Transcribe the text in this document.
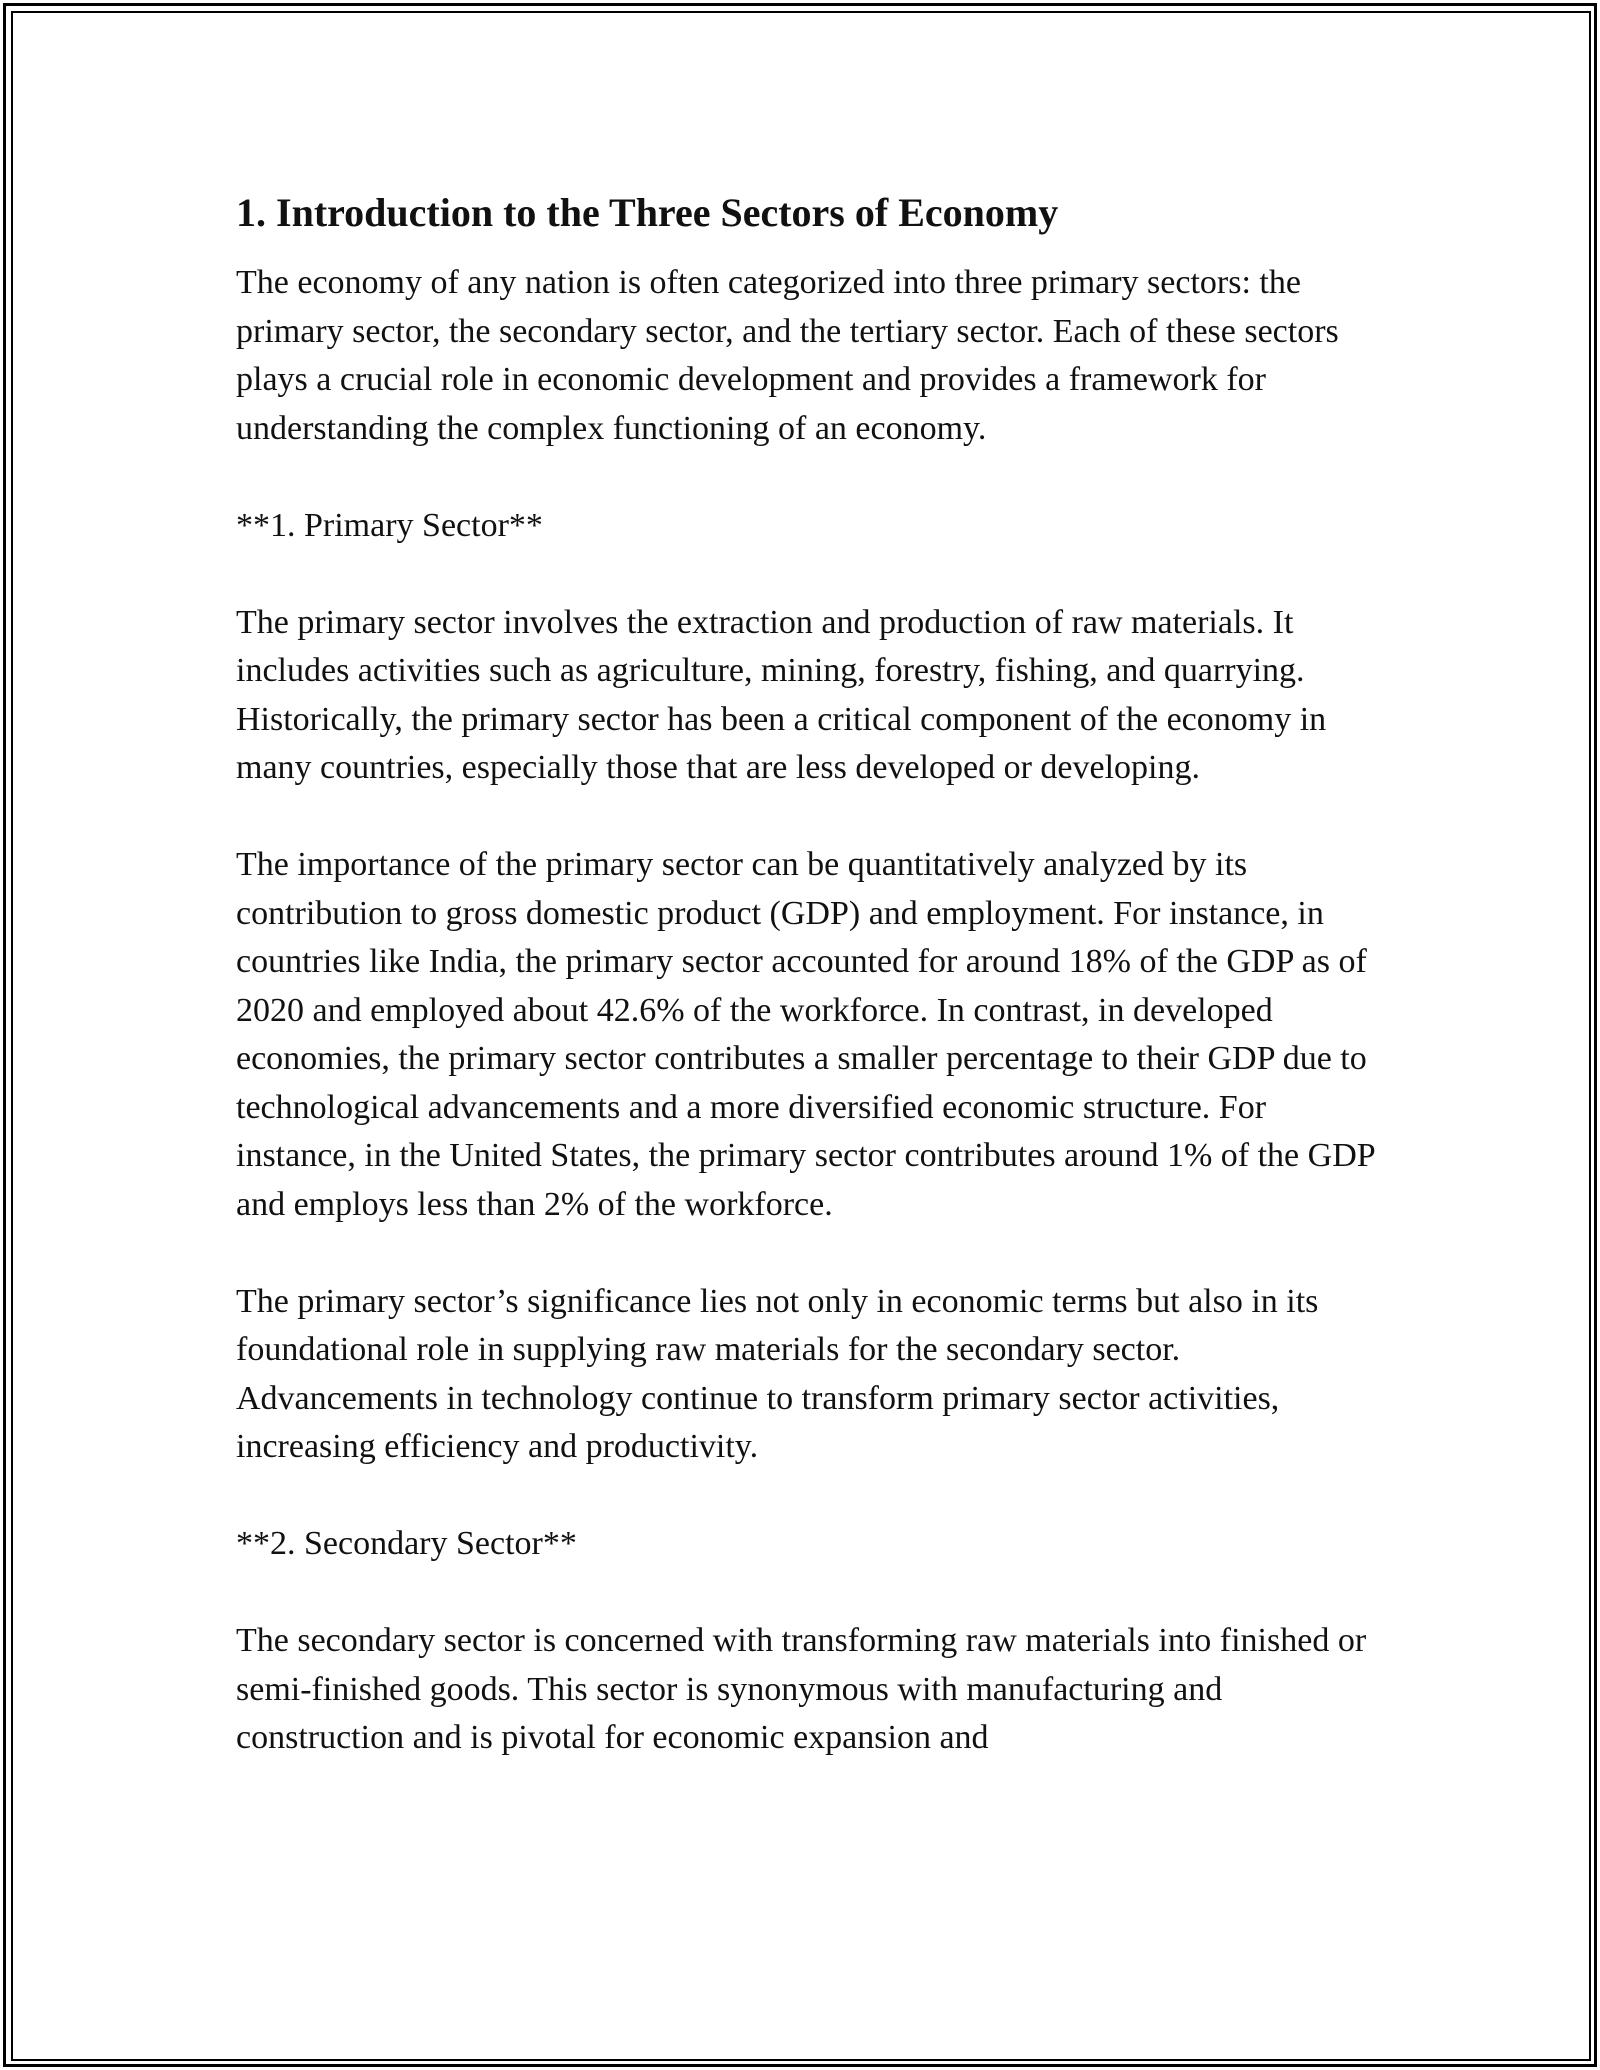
1. Introduction to the Three Sectors of Economy

The economy of any nation is often categorized into three primary sectors: the primary sector, the secondary sector, and the tertiary sector. Each of these sectors plays a crucial role in economic development and provides a framework for understanding the complex functioning of an economy.

**1. Primary Sector**

The primary sector involves the extraction and production of raw materials. It includes activities such as agriculture, mining, forestry, fishing, and quarrying. Historically, the primary sector has been a critical component of the economy in many countries, especially those that are less developed or developing.

The importance of the primary sector can be quantitatively analyzed by its contribution to gross domestic product (GDP) and employment. For instance, in countries like India, the primary sector accounted for around 18% of the GDP as of 2020 and employed about 42.6% of the workforce. In contrast, in developed economies, the primary sector contributes a smaller percentage to their GDP due to technological advancements and a more diversified economic structure. For instance, in the United States, the primary sector contributes around 1% of the GDP and employs less than 2% of the workforce.

The primary sector’s significance lies not only in economic terms but also in its foundational role in supplying raw materials for the secondary sector. Advancements in technology continue to transform primary sector activities, increasing efficiency and productivity.

**2. Secondary Sector**

The secondary sector is concerned with transforming raw materials into finished or semi-finished goods. This sector is synonymous with manufacturing and construction and is pivotal for economic expansion and
